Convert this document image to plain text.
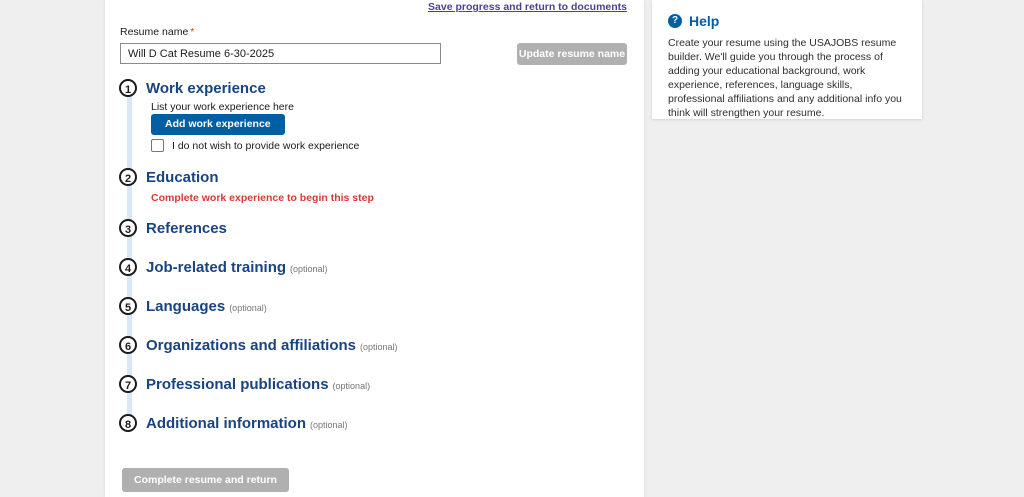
Save progress and return to documents
Resume name *
Will D Cat Resume 6-30-2025
Update resume name
1 Work experience
List your work experience here
Add work experience
I do not wish to provide work experience
2 Education
Complete work experience to begin this step
3 References
4 Job-related training (optional)
5 Languages (optional)
6 Organizations and affiliations (optional)
7 Professional publications (optional)
8 Additional information (optional)
Complete resume and return
? Help
Create your resume using the USAJOBS resume builder. We'll guide you through the process of adding your educational background, work experience, references, language skills, professional affiliations and any additional info you think will strengthen your resume.
